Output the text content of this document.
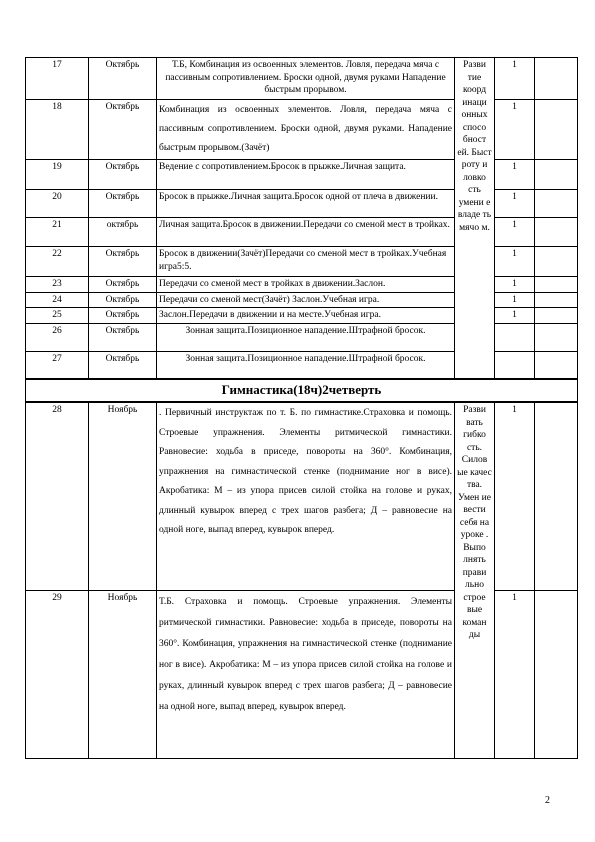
17	Октябрь	Т.Б, Комбинация из освоенных элементов. Ловля, передача мяча с пассивным сопротивлением. Броски одной, двумя руками Нападение быстрым прорывом.	Разви тие коорд инаци онных спосо бност ей. Быст роту и ловко сть умени е владе ть мячо м.	1	
18	Октябрь	Комбинация из освоенных элементов. Ловля, передача мяча с пассивным сопротивлением. Броски одной, двумя руками. Нападение быстрым прорывом.(Зачёт)		1	
19	Октябрь	Ведение с сопротивлением.Бросок в прыжке.Личная защита.		1	
20	Октябрь	Бросок в прыжке.Личная защита.Бросок одной от плеча в движении.		1	
21	октябрь	Личная защита.Бросок в движении.Передачи со сменой мест в тройках.		1	
22	Октябрь	Бросок в движении(Зачёт)Передачи со сменой мест в тройках.Учебная игра5:5.		1	
23	Октябрь	Передачи со сменой мест в тройках в движении.Заслон.		1	
24	Октябрь	Передачи со сменой мест(Зачёт) Заслон.Учебная игра.		1	
25	Октябрь	Заслон.Передачи в движении и на месте.Учебная игра.		1	
26	Октябрь	Зонная защита.Позиционное нападение.Штрафной бросок.			
27	Октябрь	Зонная защита.Позиционное нападение.Штрафной бросок.			
Гимнастика(18ч)2четверть					
28	Ноябрь	. Первичный инструктаж по т. Б. по гимнастике.Страховка и помощь. Строевые упражнения. Элементы ритмической гимнастики. Равновесие: ходьба в приседе, повороты на 360°. Комбинация, упражнения на гимнастической стенке (поднимание ног в висе). Акробатика: М – из упора присев силой стойка на голове и руках, длинный кувырок вперед с трех шагов разбега; Д – равновесие на одной ноге, выпад вперед, кувырок вперед.	Разви вать гибко сть. Силов ые качес тва. Умен ие вести себя на уроке . Выпо лнять прави льно строе вые коман ды	1	
29	Ноябрь	Т.Б. Страховка и помощь. Строевые упражнения. Элементы ритмической гимнастики. Равновесие: ходьба в приседе, повороты на 360°. Комбинация, упражнения на гимнастической стенке (поднимание ног в висе). Акробатика: М – из упора присев силой стойка на голове и руках, длинный кувырок вперед с трех шагов разбега; Д – равновесие на одной ноге, выпад вперед, кувырок вперед.		1	
2
